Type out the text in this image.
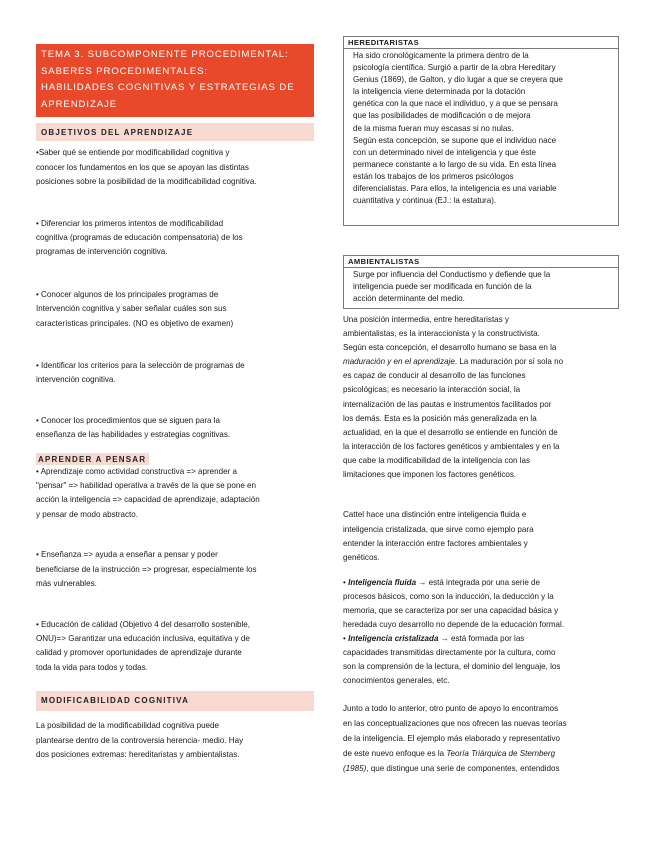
TEMA 3. SUBCOMPONENTE PROCEDIMENTAL:
SABERES PROCEDIMENTALES:
HABILIDADES COGNITIVAS Y ESTRATEGIAS DE
APRENDIZAJE
OBJETIVOS DEL APRENDIZAJE

•Saber qué se entiende por modificabilidad cognitiva y
conocer los fundamentos en los que se apoyan las distintas
posiciones sobre la posibilidad de la modificabilidad cognitiva.

• Diferenciar los primeros intentos de modificabilidad
cognitiva (programas de educación compensatoria) de los
programas de intervención cognitiva.

• Conocer algunos de los principales programas de
Intervención cognitiva y saber señalar cuáles son sus
características principales. (NO es objetivo de examen)

• Identificar los criterios para la selección de programas de
intervención cognitiva.

• Conocer los procedimientos que se siguen para la
enseñanza de las habilidades y estrategias cognitivas.

APRENDER A PENSAR

• Aprendizaje como actividad constructiva => aprender a
"pensar" => habilidad operativa a través de la que se pone en
acción la inteligencia => capacidad de aprendizaje, adaptación
y pensar de modo abstracto.

• Enseñanza => ayuda a enseñar a pensar y poder
beneficiarse de la instrucción => progresar, especialmente los
más vulnerables.

• Educación de calidad (Objetivo 4 del desarrollo sostenible,
ONU)=> Garantizar una educación inclusiva, equitativa y de
calidad y promover oportunidades de aprendizaje durante
toda la vida para todos y todas.

MODIFICABILIDAD COGNITIVA

La posibilidad de la modificabilidad cognitiva puede
plantearse dentro de la controversia herencia- medio. Hay
dos posiciones extremas: hereditaristas y ambientalistas.

HEREDITARISTAS
Ha sido cronológicamente la primera dentro de la
psicología científica. Surgió a partir de la obra Hereditary
Genius (1869), de Galton, y dio lugar a que se creyera que
la inteligencia viene determinada por la dotación
genética con la que nace el individuo, y a que se pensara
que las posibilidades de modificación o de mejora
de la misma fueran muy escasas si no nulas.
Según esta concepción, se supone que el individuo nace
con un determinado nivel de inteligencia y que éste
permanece constante a lo largo de su vida. En esta línea
están los trabajos de los primeros psicólogos
diferencialistas. Para ellos, la inteligencia es una variable
cuantitativa y continua (EJ.: la estatura).
AMBIENTALISTAS
Surge por influencia del Conductismo y defiende que la
inteligencia puede ser modificada en función de la
acción determinante del medio.

Una posición intermedia, entre hereditaristas y
ambientalistas, es la interaccionista y la constructivista.
Según esta concepción, el desarrollo humano se basa en la
maduración y en el aprendizaje. La maduración por sí sola no
es capaz de conducir al desarrollo de las funciones
psicológicas; es necesario la interacción social, la
internalización de las pautas e instrumentos facilitados por
los demás. Esta es la posición más generalizada en la
actualidad, en la que el desarrollo se entiende en función de
la interacción de los factores genéticos y ambientales y en la
que cabe la modificabilidad de la inteligencia con las
limitaciones que imponen los factores genéticos.

Cattel hace una distinción entre inteligencia fluida e
inteligencia cristalizada, que sirve como ejemplo para
entender la interacción entre factores ambientales y
genéticos.

• Inteligencia fluida → está integrada por una serie de
procesos básicos, como son la inducción, la deducción y la
memoria, que se caracteriza por ser una capacidad básica y
heredada cuyo desarrollo no depende de la educación formal.
• Inteligencia cristalizada → está formada por las
capacidades transmitidas directamente por la cultura, como
son la comprensión de la lectura, el dominio del lenguaje, los
conocimientos generales, etc.

Junto a todo lo anterior, otro punto de apoyo lo encontramos
en las conceptualizaciones que nos ofrecen las nuevas teorías
de la inteligencia. El ejemplo más elaborado y representativo
de este nuevo enfoque es la Teoría Triárquica de Sternberg
(1985), que distingue una serie de componentes, entendidos
